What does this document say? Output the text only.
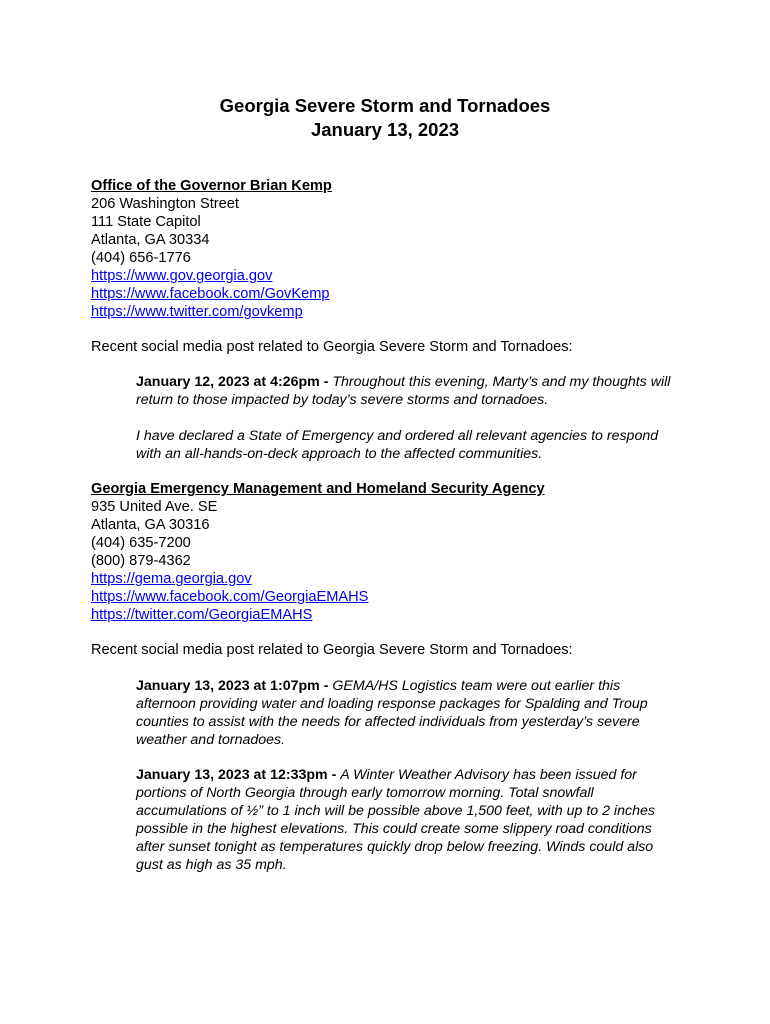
Georgia Severe Storm and Tornadoes
January 13, 2023
Office of the Governor Brian Kemp
206 Washington Street
111 State Capitol
Atlanta, GA 30334
(404) 656-1776
https://www.gov.georgia.gov
https://www.facebook.com/GovKemp
https://www.twitter.com/govkemp
Recent social media post related to Georgia Severe Storm and Tornadoes:

January 12, 2023 at 4:26pm - Throughout this evening, Marty’s and my thoughts will return to those impacted by today’s severe storms and tornadoes.

I have declared a State of Emergency and ordered all relevant agencies to respond with an all-hands-on-deck approach to the affected communities.

Georgia Emergency Management and Homeland Security Agency
935 United Ave. SE
Atlanta, GA 30316
(404) 635-7200
(800) 879-4362
https://gema.georgia.gov
https://www.facebook.com/GeorgiaEMAHS
https://twitter.com/GeorgiaEMAHS
Recent social media post related to Georgia Severe Storm and Tornadoes:

January 13, 2023 at 1:07pm - GEMA/HS Logistics team were out earlier this afternoon providing water and loading response packages for Spalding and Troup counties to assist with the needs for affected individuals from yesterday’s severe weather and tornadoes.

January 13, 2023 at 12:33pm - A Winter Weather Advisory has been issued for portions of North Georgia through early tomorrow morning. Total snowfall accumulations of ½” to 1 inch will be possible above 1,500 feet, with up to 2 inches possible in the highest elevations. This could create some slippery road conditions after sunset tonight as temperatures quickly drop below freezing. Winds could also gust as high as 35 mph.
